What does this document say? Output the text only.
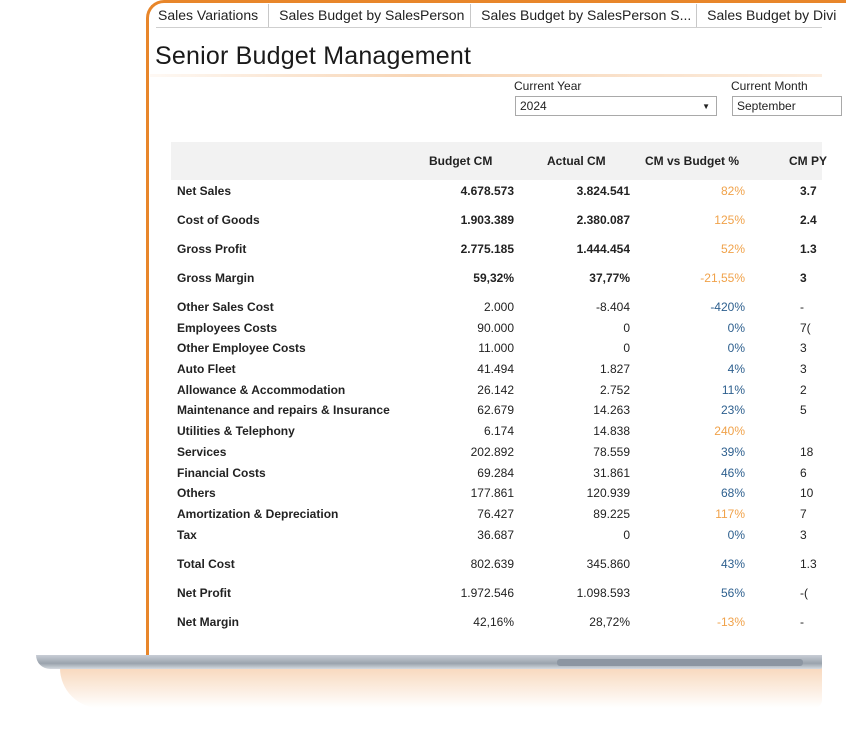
Sales Variations	Sales Budget by SalesPerson	Sales Budget by SalesPerson S...	Sales Budget by Divi
Senior Budget Management
Current Year
2024	▼
Current Month
September
Budget CM	Actual CM	CM vs Budget %	CM PY
Net Sales	4.678.573	3.824.541	82%	3.7
Cost of Goods	1.903.389	2.380.087	125%	2.4
Gross Profit	2.775.185	1.444.454	52%	1.3
Gross Margin	59,32%	37,77%	-21,55%	3
Other Sales Cost	2.000	-8.404	-420%	-
Employees Costs	90.000	0	0%	7(
Other Employee Costs	11.000	0	0%	3
Auto Fleet	41.494	1.827	4%	3
Allowance & Accommodation	26.142	2.752	11%	2
Maintenance and repairs & Insurance	62.679	14.263	23%	5
Utilities & Telephony	6.174	14.838	240%
Services	202.892	78.559	39%	18
Financial Costs	69.284	31.861	46%	6
Others	177.861	120.939	68%	10
Amortization & Depreciation	76.427	89.225	117%	7
Tax	36.687	0	0%	3
Total Cost	802.639	345.860	43%	1.3
Net Profit	1.972.546	1.098.593	56%	-(
Net Margin	42,16%	28,72%	-13%	-
